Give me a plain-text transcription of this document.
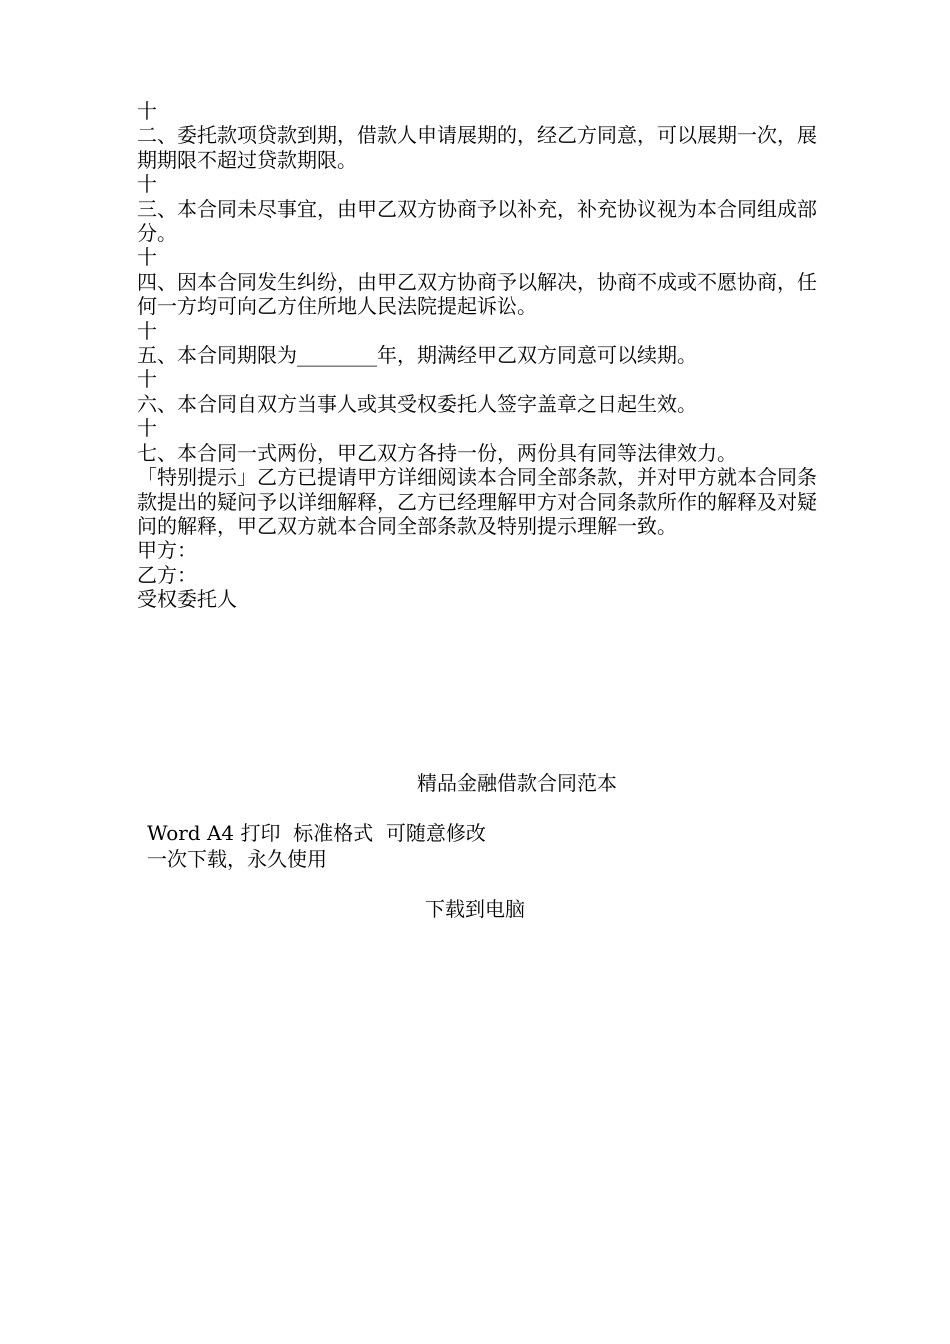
十
二、委托款项贷款到期，借款人申请展期的，经乙方同意，可以展期一次，展期期限不超过贷款期限。
十
三、本合同未尽事宜，由甲乙双方协商予以补充，补充协议视为本合同组成部分。
十
四、因本合同发生纠纷，由甲乙双方协商予以解决，协商不成或不愿协商，任何一方均可向乙方住所地人民法院提起诉讼。
十
五、本合同期限为________年，期满经甲乙双方同意可以续期。
十
六、本合同自双方当事人或其受权委托人签字盖章之日起生效。
十
七、本合同一式两份，甲乙双方各持一份，两份具有同等法律效力。
「特别提示」乙方已提请甲方详细阅读本合同全部条款，并对甲方就本合同条款提出的疑问予以详细解释，乙方已经理解甲方对合同条款所作的解释及对疑问的解释，甲乙双方就本合同全部条款及特别提示理解一致。
甲方：
乙方：
受权委托人
精品金融借款合同范本
Word A4 打印  标准格式  可随意修改
一次下载，永久使用
下载到电脑
